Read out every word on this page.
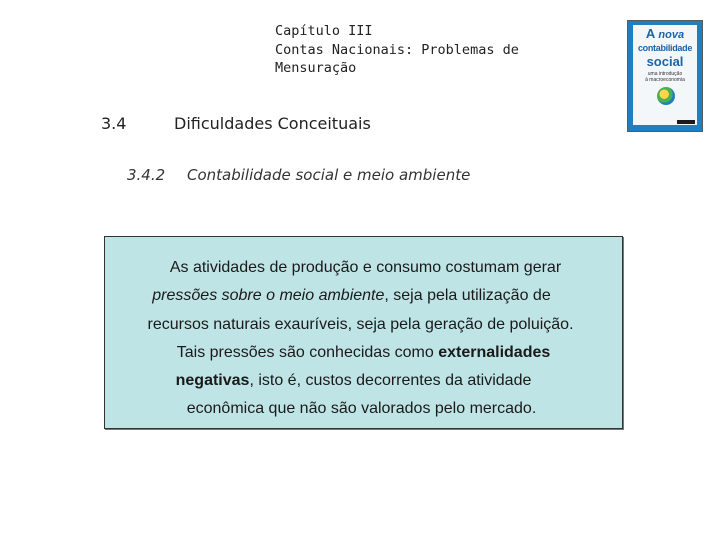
Capítulo III
Contas Nacionais: Problemas de
Mensuração
A nova
contabilidade
social
uma introdução
à macroeconomia
3.4	Dificuldades Conceituais
3.4.2 Contabilidade social e meio ambiente
As atividades de produção e consumo costumam gerar
pressões sobre o meio ambiente, seja pela utilização de
recursos naturais exauríveis, seja pela geração de poluição.
Tais pressões são conhecidas como externalidades
negativas, isto é, custos decorrentes da atividade
econômica que não são valorados pelo mercado.
